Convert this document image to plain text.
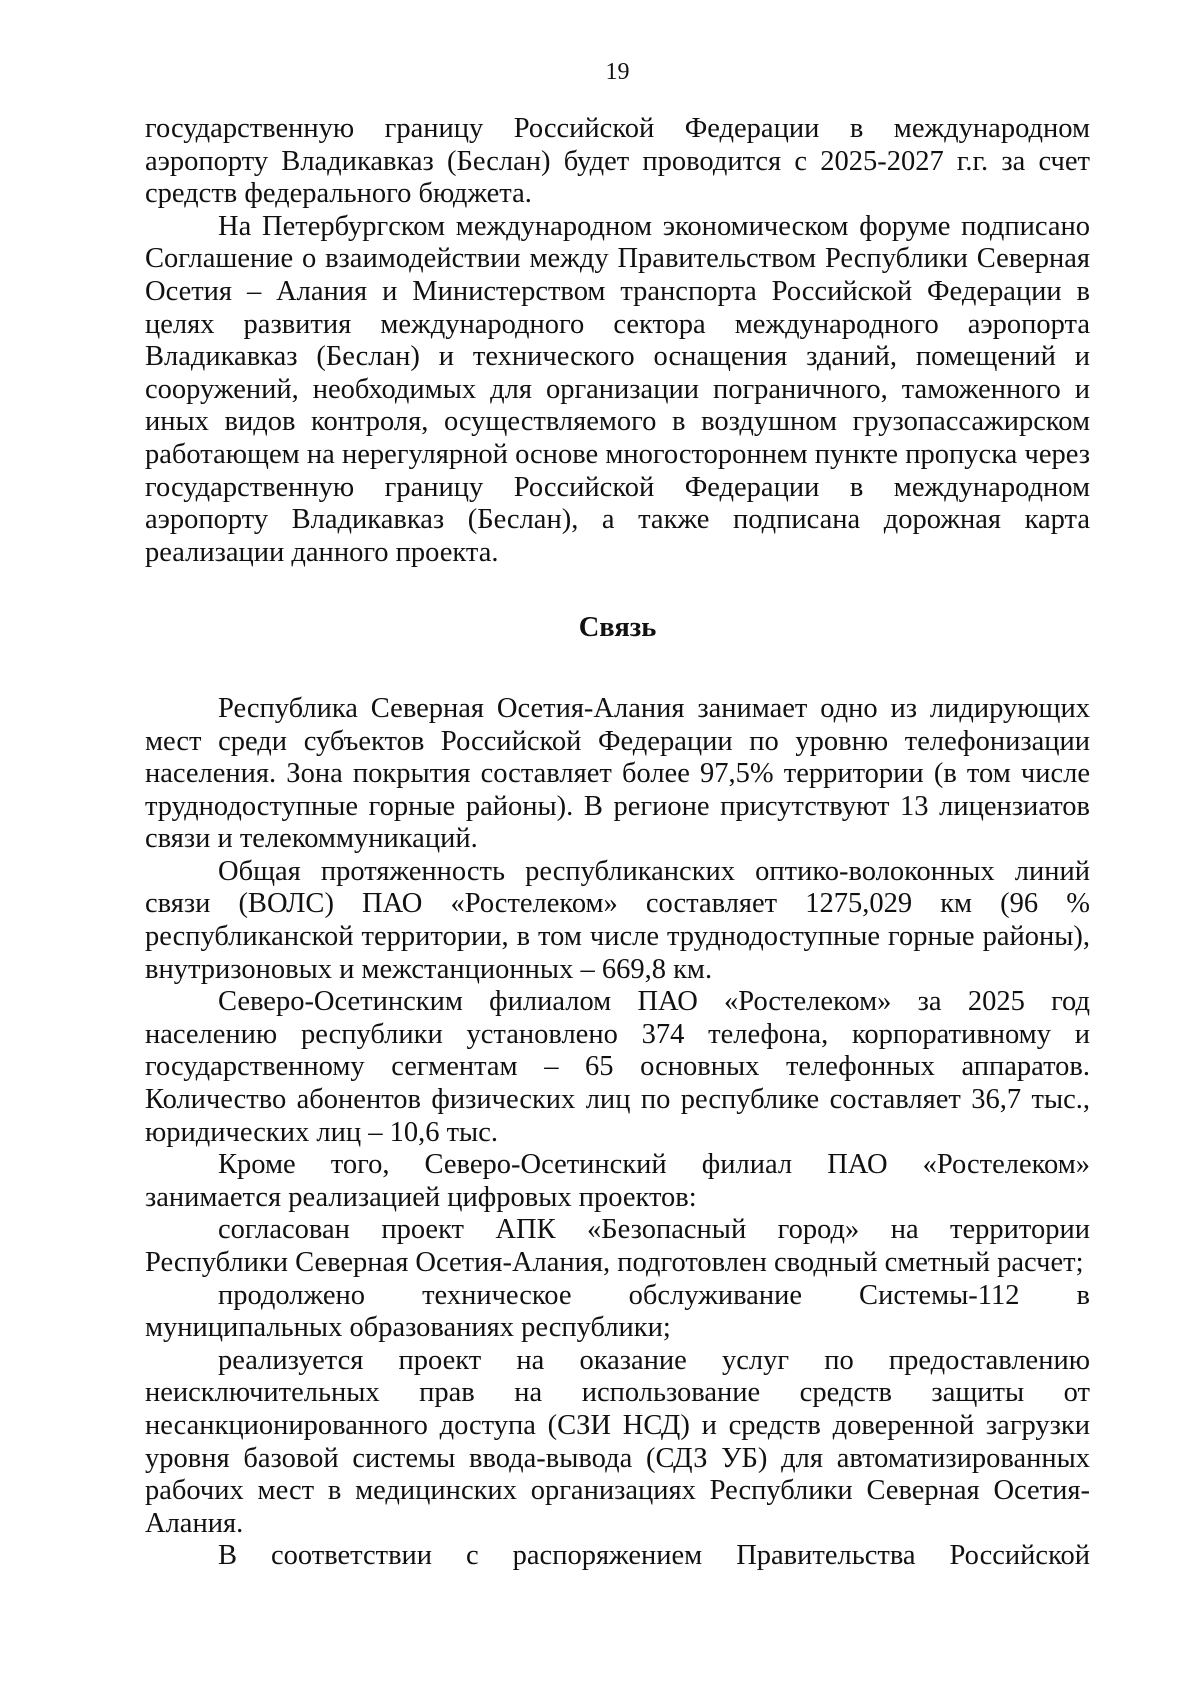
19

государственную границу Российской Федерации в международном аэропорту Владикавказ (Беслан) будет проводится с 2025-2027 г.г. за счет средств федерального бюджета.

На Петербургском международном экономическом форуме подписано Соглашение о взаимодействии между Правительством Республики Северная Осетия – Алания и Министерством транспорта Российской Федерации в целях развития международного сектора международного аэропорта Владикавказ (Беслан) и технического оснащения зданий, помещений и сооружений, необходимых для организации пограничного, таможенного и иных видов контроля, осуществляемого в воздушном грузопассажирском работающем на нерегулярной основе многостороннем пункте пропуска через государственную границу Российской Федерации в международном аэропорту Владикавказ (Беслан), а также подписана дорожная карта реализации данного проекта.

Связь

Республика Северная Осетия-Алания занимает одно из лидирующих мест среди субъектов Российской Федерации по уровню телефонизации населения. Зона покрытия составляет более 97,5% территории (в том числе труднодоступные горные районы). В регионе присутствуют 13 лицензиатов связи и телекоммуникаций.

Общая протяженность республиканских оптико-волоконных линий связи (ВОЛС) ПАО «Ростелеком» составляет 1275,029 км (96 % республиканской территории, в том числе труднодоступные горные районы), внутризоновых и межстанционных – 669,8 км.

Северо-Осетинским филиалом ПАО «Ростелеком» за 2025 год населению республики установлено 374 телефона, корпоративному и государственному сегментам – 65 основных телефонных аппаратов. Количество абонентов физических лиц по республике составляет 36,7 тыс., юридических лиц – 10,6 тыс.

Кроме того, Северо-Осетинский филиал ПАО «Ростелеком» занимается реализацией цифровых проектов:

согласован проект АПК «Безопасный город» на территории Республики Северная Осетия-Алания, подготовлен сводный сметный расчет;

продолжено техническое обслуживание Системы-112 в муниципальных образованиях республики;

реализуется проект на оказание услуг по предоставлению неисключительных прав на использование средств защиты от несанкционированного доступа (СЗИ НСД) и средств доверенной загрузки уровня базовой системы ввода-вывода (СДЗ УБ) для автоматизированных рабочих мест в медицинских организациях Республики Северная Осетия-Алания.

В соответствии с распоряжением Правительства Российской
